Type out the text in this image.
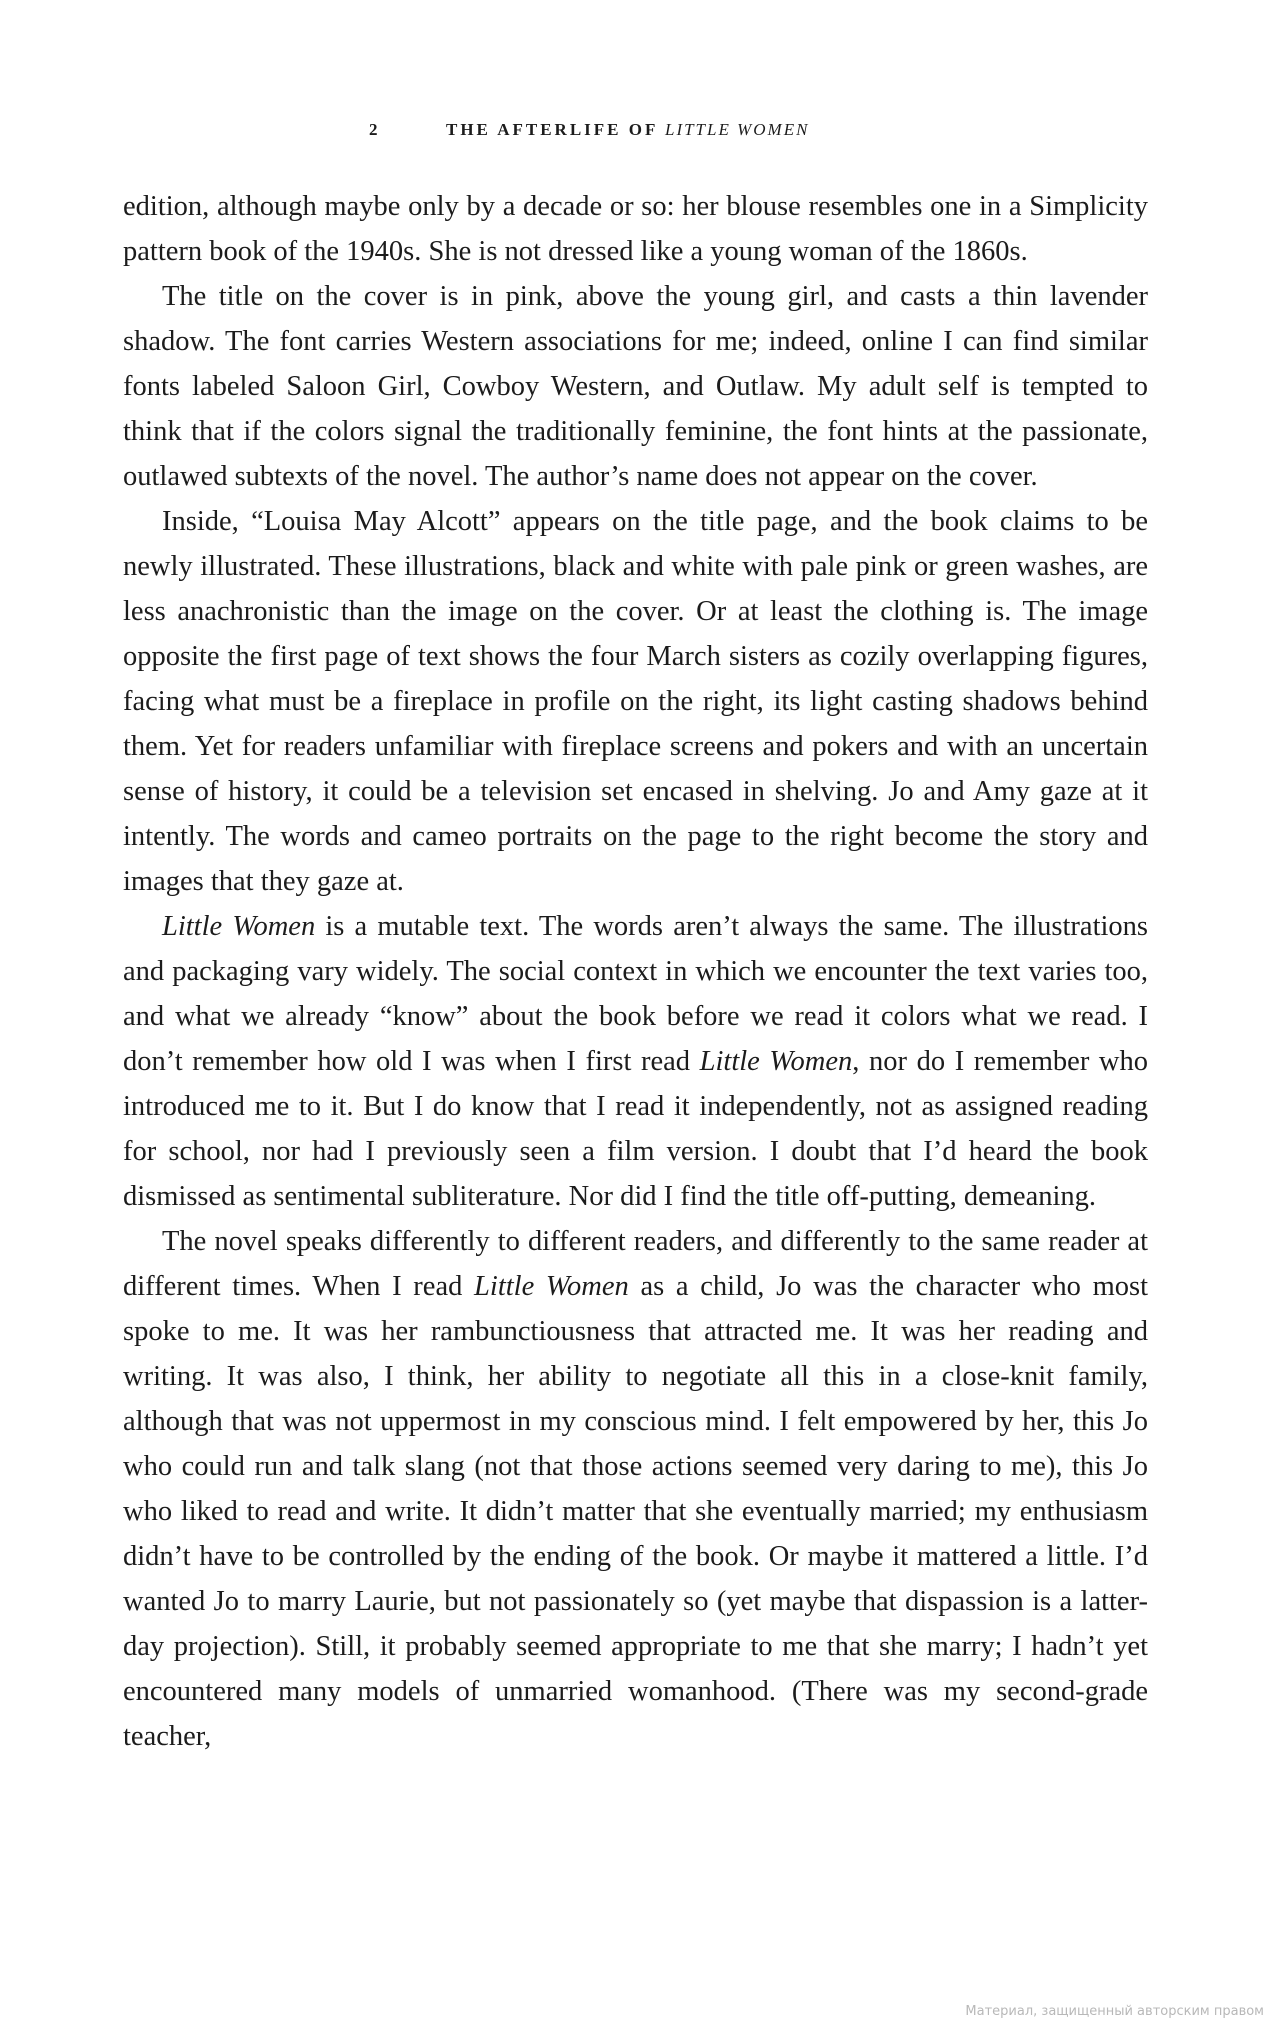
2	THE AFTERLIFE OF LITTLE WOMEN

edition, although maybe only by a decade or so: her blouse resembles one in a Simplicity pattern book of the 1940s. She is not dressed like a young woman of the 1860s.

The title on the cover is in pink, above the young girl, and casts a thin lavender shadow. The font carries Western associations for me; indeed, online I can find similar fonts labeled Saloon Girl, Cowboy Western, and Outlaw. My adult self is tempted to think that if the colors signal the traditionally feminine, the font hints at the passionate, outlawed subtexts of the novel. The author’s name does not appear on the cover.

Inside, “Louisa May Alcott” appears on the title page, and the book claims to be newly illustrated. These illustrations, black and white with pale pink or green washes, are less anachronistic than the image on the cover. Or at least the clothing is. The image opposite the first page of text shows the four March sisters as cozily overlapping figures, facing what must be a fireplace in profile on the right, its light casting shadows behind them. Yet for readers unfamiliar with fireplace screens and pokers and with an uncertain sense of history, it could be a television set encased in shelving. Jo and Amy gaze at it intently. The words and cameo portraits on the page to the right become the story and images that they gaze at.

Little Women is a mutable text. The words aren’t always the same. The illustrations and packaging vary widely. The social context in which we encounter the text varies too, and what we already “know” about the book before we read it colors what we read. I don’t remember how old I was when I first read Little Women, nor do I remember who introduced me to it. But I do know that I read it independently, not as assigned reading for school, nor had I previously seen a film version. I doubt that I’d heard the book dismissed as sentimental subliterature. Nor did I find the title off-putting, demeaning.

The novel speaks differently to different readers, and differently to the same reader at different times. When I read Little Women as a child, Jo was the character who most spoke to me. It was her rambunctiousness that attracted me. It was her reading and writing. It was also, I think, her ability to negotiate all this in a close-knit family, although that was not uppermost in my conscious mind. I felt empowered by her, this Jo who could run and talk slang (not that those actions seemed very daring to me), this Jo who liked to read and write. It didn’t matter that she eventually married; my enthusiasm didn’t have to be controlled by the ending of the book. Or maybe it mattered a little. I’d wanted Jo to marry Laurie, but not passionately so (yet maybe that dispassion is a latter-day projection). Still, it probably seemed appropriate to me that she marry; I hadn’t yet encountered many models of unmarried womanhood. (There was my second-grade teacher,

Материал, защищенный авторским правом
